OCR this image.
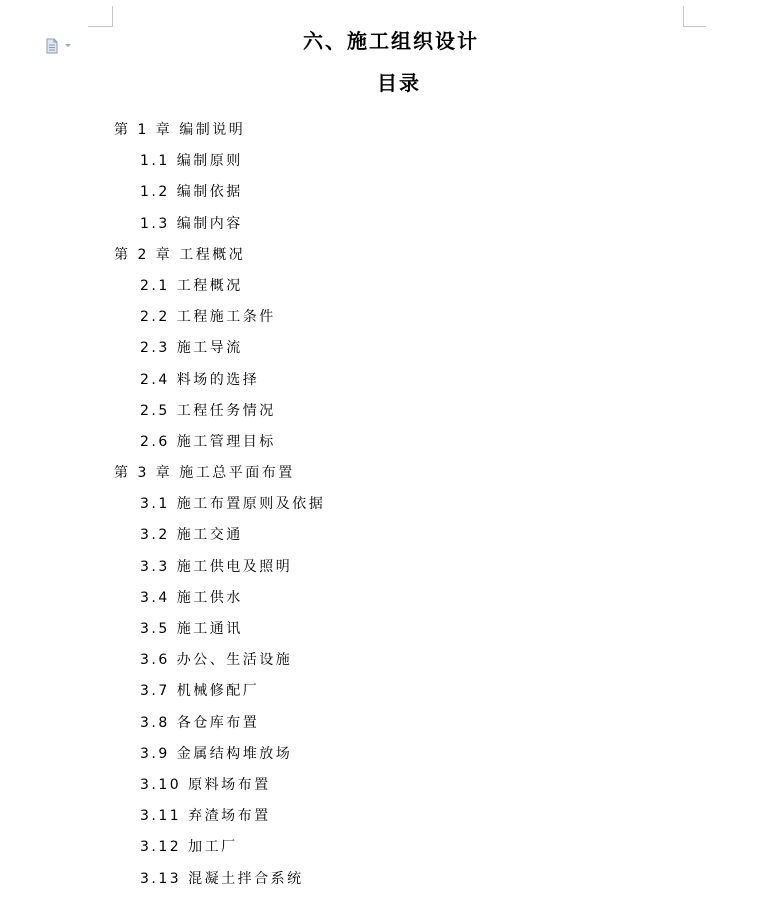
六、施工组织设计
目录
第 1 章 编制说明
1.1 编制原则
1.2 编制依据
1.3 编制内容
第 2 章 工程概况
2.1 工程概况
2.2 工程施工条件
2.3 施工导流
2.4 料场的选择
2.5 工程任务情况
2.6 施工管理目标
第 3 章 施工总平面布置
3.1 施工布置原则及依据
3.2 施工交通
3.3 施工供电及照明
3.4 施工供水
3.5 施工通讯
3.6 办公、生活设施
3.7 机械修配厂
3.8 各仓库布置
3.9 金属结构堆放场
3.10 原料场布置
3.11 弃渣场布置
3.12 加工厂
3.13 混凝土拌合系统
